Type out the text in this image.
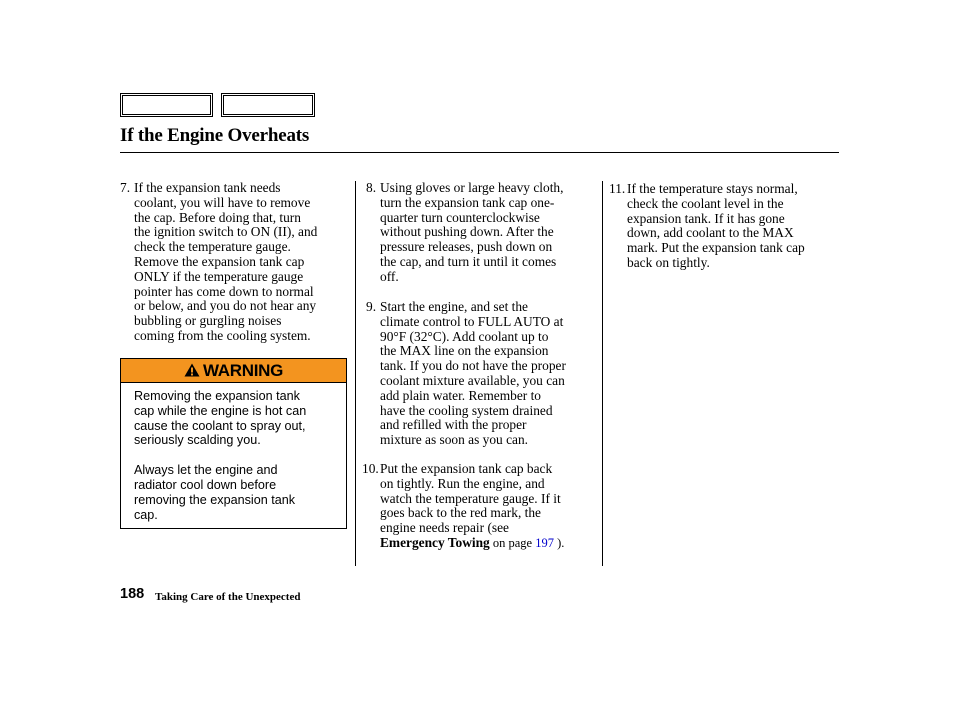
If the Engine Overheats
7. If the expansion tank needs
coolant, you will have to remove
the cap. Before doing that, turn
the ignition switch to ON (II), and
check the temperature gauge.
Remove the expansion tank cap
ONLY if the temperature gauge
pointer has come down to normal
or below, and you do not hear any
bubbling or gurgling noises
coming from the cooling system.
WARNING

Removing the expansion tank
cap while the engine is hot can
cause the coolant to spray out,
seriously scalding you.

Always let the engine and
radiator cool down before
removing the expansion tank
cap.

8. Using gloves or large heavy cloth,
turn the expansion tank cap one-
quarter turn counterclockwise
without pushing down. After the
pressure releases, push down on
the cap, and turn it until it comes
off.
9. Start the engine, and set the
climate control to FULL AUTO at
90°F (32°C). Add coolant up to
the MAX line on the expansion
tank. If you do not have the proper
coolant mixture available, you can
add plain water. Remember to
have the cooling system drained
and refilled with the proper
mixture as soon as you can.
10. Put the expansion tank cap back
on tightly. Run the engine, and
watch the temperature gauge. If it
goes back to the red mark, the
engine needs repair (see
Emergency Towing on page 197 ).
11. If the temperature stays normal,
check the coolant level in the
expansion tank. If it has gone
down, add coolant to the MAX
mark. Put the expansion tank cap
back on tightly.
188 Taking Care of the Unexpected
